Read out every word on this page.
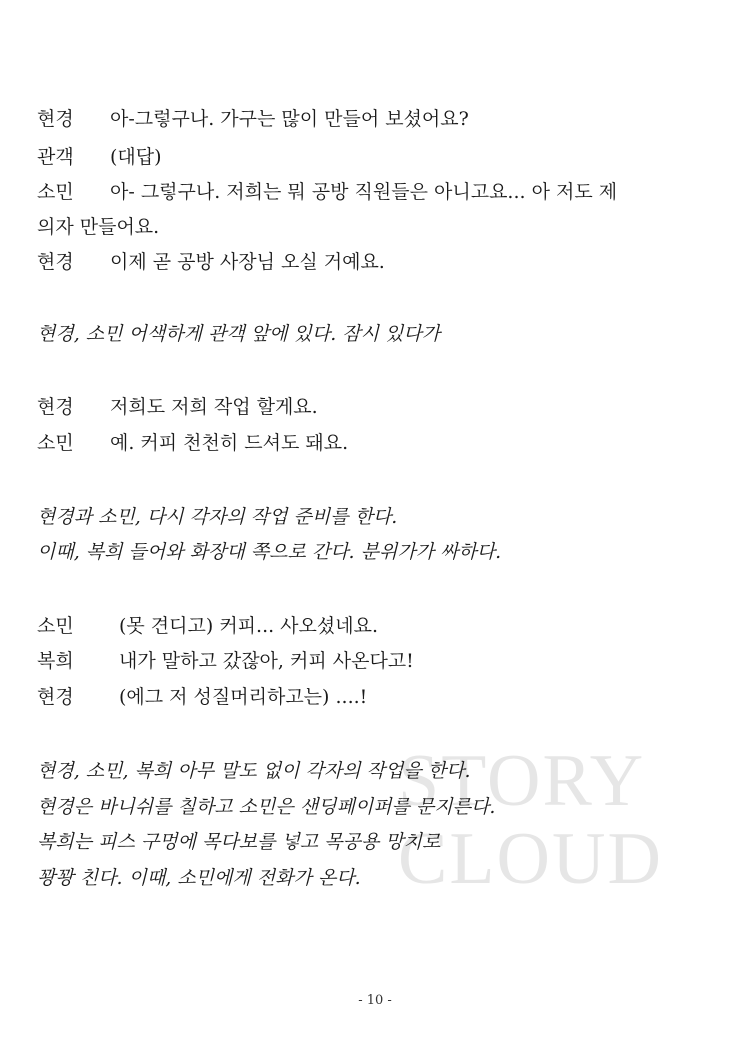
STORY
CLOUD
현경 아-그렇구나. 가구는 많이 만들어 보셨어요?
관객 (대답)
소민 아- 그렇구나. 저희는 뭐 공방 직원들은 아니고요... 아 저도 제
의자 만들어요.
현경 이제 곧 공방 사장님 오실 거예요.
현경, 소민 어색하게 관객 앞에 있다. 잠시 있다가
현경 저희도 저희 작업 할게요.
소민 예. 커피 천천히 드셔도 돼요.
현경과 소민, 다시 각자의 작업 준비를 한다.
이때, 복희 들어와 화장대 쪽으로 간다. 분위가가 싸하다.
소민 (못 견디고) 커피... 사오셨네요.
복희 내가 말하고 갔잖아, 커피 사온다고!
현경 (에그 저 성질머리하고는) ....!
현경, 소민, 복희 아무 말도 없이 각자의 작업을 한다.
현경은 바니쉬를 칠하고 소민은 샌딩페이퍼를 문지른다.
복희는 피스 구멍에 목다보를 넣고 목공용 망치로
꽝꽝 친다. 이때, 소민에게 전화가 온다.
- 10 -
